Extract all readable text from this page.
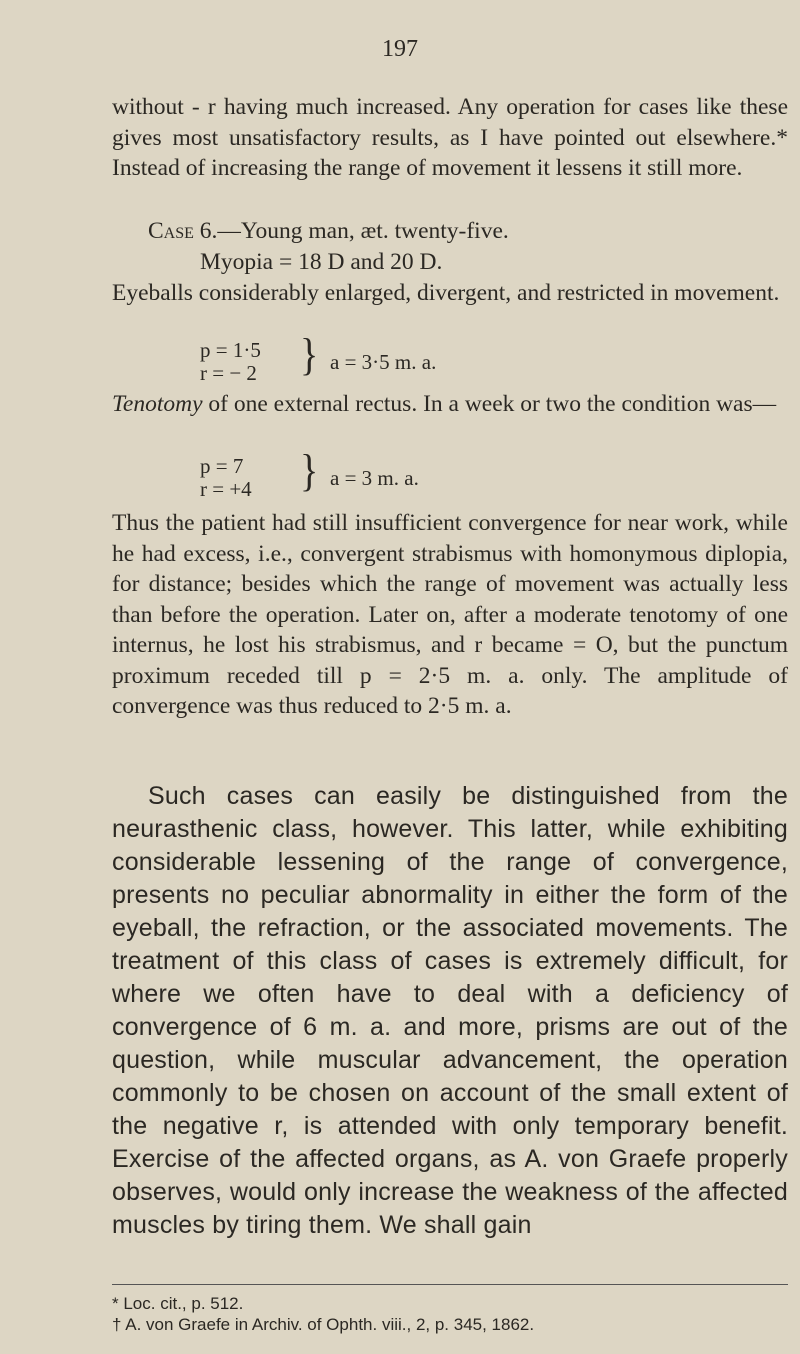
197

without - r having much increased. Any operation for cases like these gives most unsatisfactory results, as I have pointed out elsewhere.* Instead of increasing the range of movement it lessens it still more.

Case 6.—Young man, æt. twenty-five.
Myopia = 18 D and 20 D.

Eyeballs considerably enlarged, divergent, and restricted in movement.

p = 1·5
r = − 2 } a = 3·5 m. a.
Tenotomy of one external rectus. In a week or two the condition was—
p = 7
r = +4 } a = 3 m. a.

Thus the patient had still insufficient convergence for near work, while he had excess, i.e., convergent strabismus with homonymous diplopia, for distance; besides which the range of movement was actually less than before the operation. Later on, after a moderate tenotomy of one internus, he lost his strabismus, and r became = O, but the punctum proximum receded till p = 2·5 m. a. only. The amplitude of convergence was thus reduced to 2·5 m. a.

Such cases can easily be distinguished from the neurasthenic class, however. This latter, while exhibiting considerable lessening of the range of convergence, presents no peculiar abnormality in either the form of the eyeball, the refraction, or the associated movements. The treatment of this class of cases is extremely difficult, for where we often have to deal with a deficiency of convergence of 6 m. a. and more, prisms are out of the question, while muscular advancement, the operation commonly to be chosen on account of the small extent of the negative r, is attended with only temporary benefit. Exercise of the affected organs, as A. von Graefe properly observes, would only increase the weakness of the affected muscles by tiring them. We shall gain

* Loc. cit., p. 512.
† A. von Graefe in Archiv. of Ophth. viii., 2, p. 345, 1862.
